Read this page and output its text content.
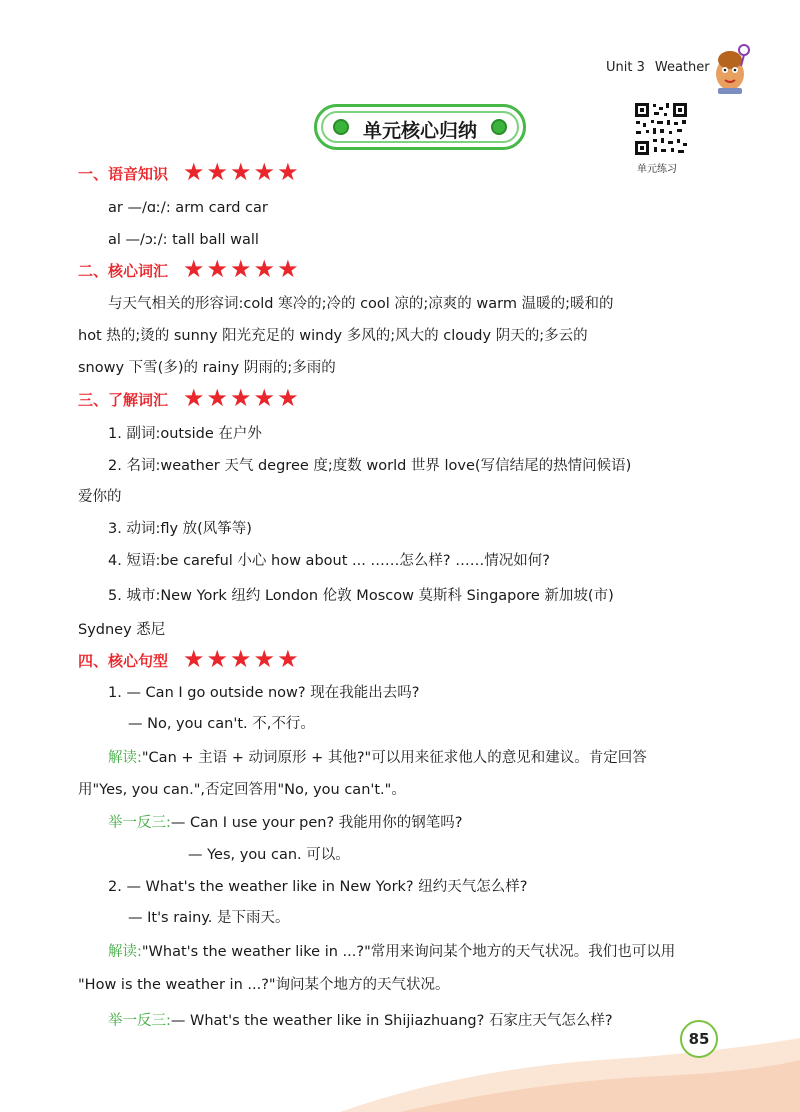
Unit 3 Weather
单元核心归纳
单元练习
一、语音知识 ★ ★ ★ ★ ★
ar —/ɑː/: arm card car
al —/ɔː/: tall ball wall
二、核心词汇 ★ ★ ★ ★ ★
与天气相关的形容词:cold 寒冷的;冷的 cool 凉的;凉爽的 warm 温暖的;暖和的
hot 热的;烫的 sunny 阳光充足的 windy 多风的;风大的 cloudy 阴天的;多云的
snowy 下雪(多)的 rainy 阴雨的;多雨的
三、了解词汇 ★ ★ ★ ★ ★
1. 副词:outside 在户外
2. 名词:weather 天气 degree 度;度数 world 世界 love(写信结尾的热情问候语)
爱你的
3. 动词:fly 放(风筝等)
4. 短语:be careful 小心 how about ... ……怎么样? ……情况如何?
5. 城市:New York 纽约 London 伦敦 Moscow 莫斯科 Singapore 新加坡(市)
Sydney 悉尼
四、核心句型 ★ ★ ★ ★ ★
1. — Can I go outside now? 现在我能出去吗?
— No, you can't. 不,不行。
解读:"Can + 主语 + 动词原形 + 其他?"可以用来征求他人的意见和建议。肯定回答
用"Yes, you can.",否定回答用"No, you can't."。
举一反三:— Can I use your pen? 我能用你的钢笔吗?
— Yes, you can. 可以。
2. — What's the weather like in New York? 纽约天气怎么样?
— It's rainy. 是下雨天。
解读:"What's the weather like in ...?"常用来询问某个地方的天气状况。我们也可以用
"How is the weather in ...?"询问某个地方的天气状况。
举一反三:— What's the weather like in Shijiazhuang? 石家庄天气怎么样?
85
